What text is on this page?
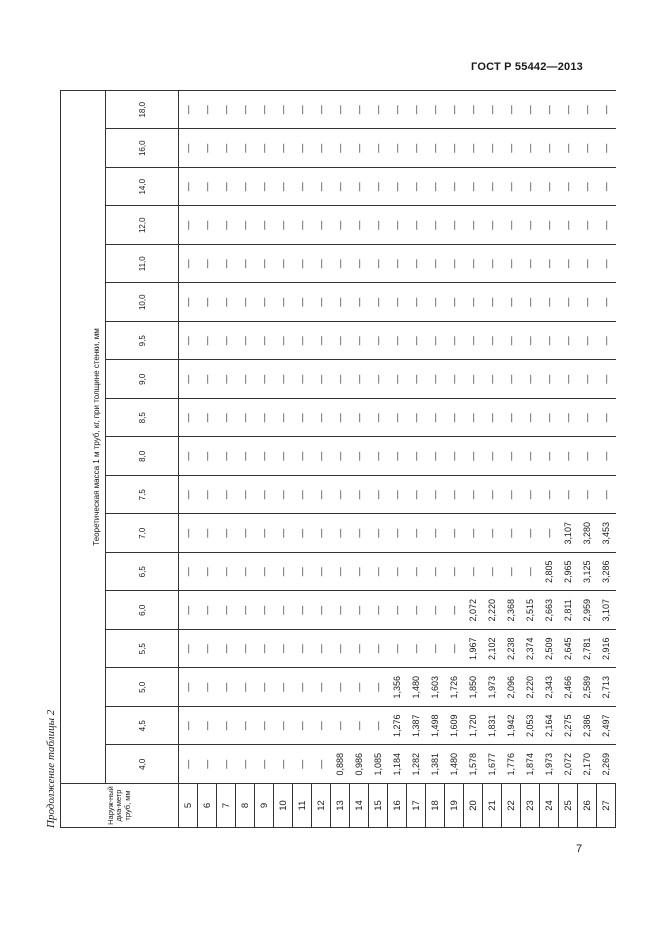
ГОСТ Р 55442—2013
Продолжение таблицы 2	Наруж-ный диа-метр труб, мм	Теоретическая масса 1 м труб, кг, при толщине стенки, мм																	

	4,0	4,5	5,0	5,5	6,0	6,5	7,0	7,5	8,0	8,5	9,0	9,5	10,0	11,0	12,0	14,0	16,0	18,0
5	—	—	—	—	—	—	—	—	—	—	—	—	—	—	—	—	—	—
6	—	—	—	—	—	—	—	—	—	—	—	—	—	—	—	—	—	—
7	—	—	—	—	—	—	—	—	—	—	—	—	—	—	—	—	—	—
8	—	—	—	—	—	—	—	—	—	—	—	—	—	—	—	—	—	—
9	—	—	—	—	—	—	—	—	—	—	—	—	—	—	—	—	—	—
10	—	—	—	—	—	—	—	—	—	—	—	—	—	—	—	—	—	—
11	—	—	—	—	—	—	—	—	—	—	—	—	—	—	—	—	—	—
12	—	—	—	—	—	—	—	—	—	—	—	—	—	—	—	—	—	—
13	0,888	—	—	—	—	—	—	—	—	—	—	—	—	—	—	—	—	—
14	0,986	—	—	—	—	—	—	—	—	—	—	—	—	—	—	—	—	—
15	1,085	—	—	—	—	—	—	—	—	—	—	—	—	—	—	—	—	—
16	1,184	1,276	1,356	—	—	—	—	—	—	—	—	—	—	—	—	—	—	—
17	1,282	1,387	1,480	—	—	—	—	—	—	—	—	—	—	—	—	—	—	—
18	1,381	1,498	1,603	—	—	—	—	—	—	—	—	—	—	—	—	—	—	—
19	1,480	1,609	1,726	—	—	—	—	—	—	—	—	—	—	—	—	—	—	—
20	1,578	1,720	1,850	1,967	2,072	—	—	—	—	—	—	—	—	—	—	—	—	—
21	1,677	1,831	1,973	2,102	2,220	—	—	—	—	—	—	—	—	—	—	—	—	—
22	1,776	1,942	2,096	2,238	2,368	—	—	—	—	—	—	—	—	—	—	—	—	—
23	1,874	2,053	2,220	2,374	2,515	—	—	—	—	—	—	—	—	—	—	—	—	—
24	1,973	2,164	2,343	2,509	2,663	2,805	—	—	—	—	—	—	—	—	—	—	—	—
25	2,072	2,275	2,466	2,645	2,811	2,965	3,107	—	—	—	—	—	—	—	—	—	—	—
26	2,170	2,386	2,589	2,781	2,959	3,125	3,280	—	—	—	—	—	—	—	—	—	—	—
27	2,269	2,497	2,713	2,916	3,107	3,286	3,453	—	—	—	—	—	—	—	—	—	—	—
7
